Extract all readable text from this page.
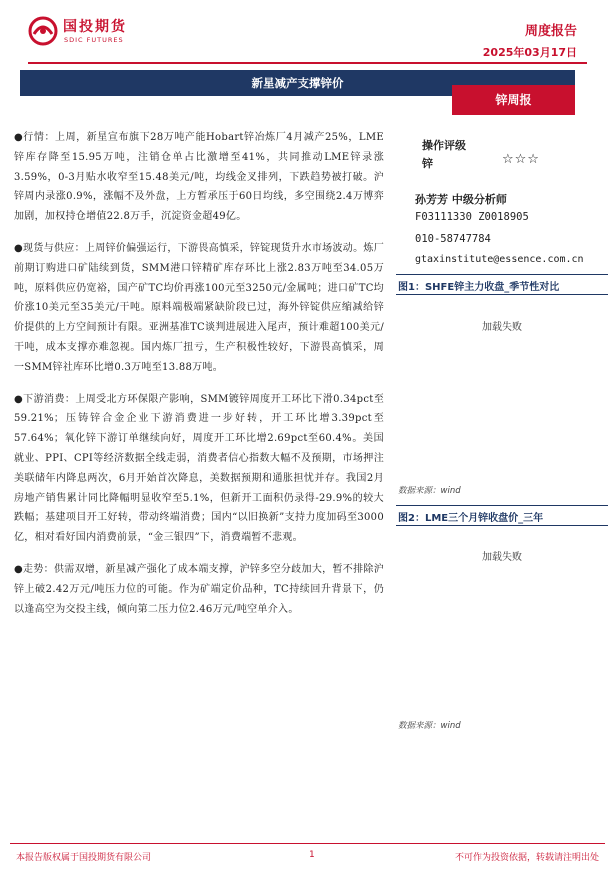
国投期货
SDIC FUTURES
周度报告
2025年03月17日
新星减产支撑锌价
锌周报

●行情：上周，新星宣布旗下28万吨产能Hobart锌冶炼厂4月减产25%，LME锌库存降至15.95万吨，注销仓单占比激增至41%，共同推动LME锌录涨3.59%，0-3月贴水收窄至15.48美元/吨，均线金叉排列，下跌趋势被打破。沪锌周内录涨0.9%，涨幅不及外盘，上方暂承压于60日均线，多空围绕2.4万博弈加剧，加权持仓增值22.8万手，沉淀资金超49亿。

●现货与供应：上周锌价偏强运行，下游畏高慎采，锌锭现货升水市场波动。炼厂前期订购进口矿陆续到货，SMM港口锌精矿库存环比上涨2.83万吨至34.05万吨，原料供应仍宽裕，国产矿TC均价再涨100元至3250元/金属吨；进口矿TC均价涨10美元至35美元/干吨。原料端极端紧缺阶段已过，海外锌锭供应缩减给锌价提供的上方空间预计有限。亚洲基准TC谈判进展进入尾声，预计难超100美元/干吨，成本支撑亦难忽视。国内炼厂扭亏，生产积极性较好，下游畏高慎采，周一SMM锌社库环比增0.3万吨至13.88万吨。

●下游消费：上周受北方环保限产影响，SMM镀锌周度开工环比下滑0.34pct至59.21%；压铸锌合金企业下游消费进一步好转，开工环比增3.39pct至57.64%；氧化锌下游订单继续向好，周度开工环比增2.69pct至60.4%。美国就业、PPI、CPI等经济数据全线走弱，消费者信心指数大幅不及预期，市场押注美联储年内降息两次，6月开始首次降息，美数据预期和通胀担忧并存。我国2月房地产销售累计同比降幅明显收窄至5.1%，但新开工面积仍录得-29.9%的较大跌幅；基建项目开工好转，带动终端消费；国内“以旧换新”支持力度加码至3000亿，相对看好国内消费前景，“金三银四”下，消费端暂不悲观。

●走势：供需双增，新星减产强化了成本端支撑，沪锌多空分歧加大，暂不排除沪锌上破2.42万元/吨压力位的可能。作为矿端定价品种，TC持续回升背景下，仍以逢高空为交投主线，倾向第二压力位2.46万元/吨空单介入。

操作评级
锌	☆☆☆
孙芳芳 中级分析师
F03111330 Z0018905
010-58747784
gtaxinstitute@essence.com.cn
图1：SHFE锌主力收盘_季节性对比
加载失败
数据来源：wind
图2：LME三个月锌收盘价_三年
加载失败
数据来源：wind
本报告版权属于国投期货有限公司	1	不可作为投资依据，转载请注明出处
